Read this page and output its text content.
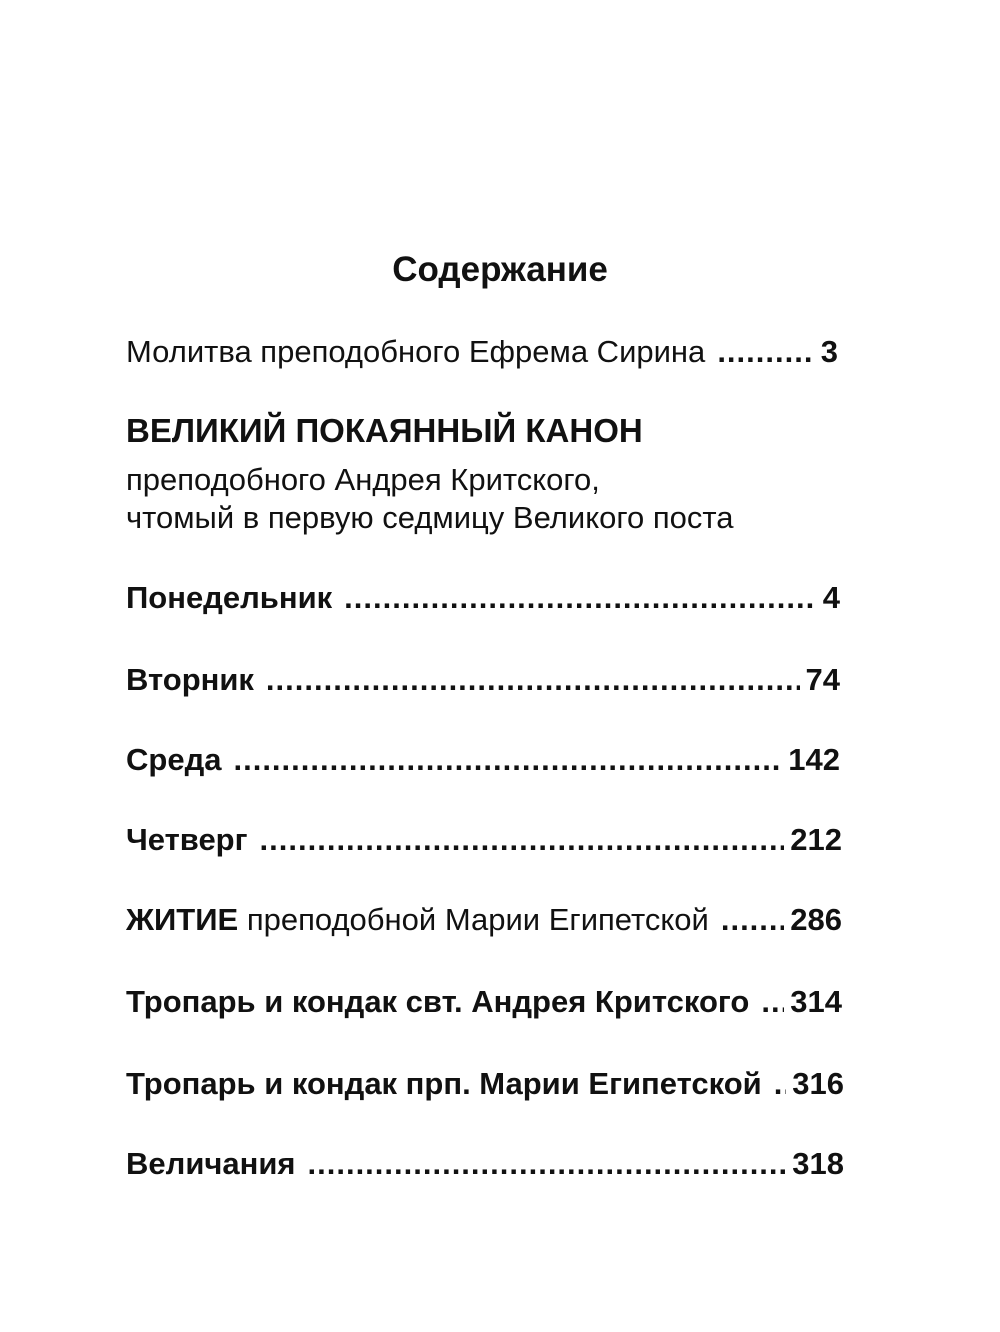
Содержание
Молитва преподобного Ефрема Сирина .....	3
ВЕЛИКИЙ ПОКАЯННЫЙ КАНОН
преподобного Андрея Критского,
чтомый в первую седмицу Великого поста
Понедельник .....	4
Вторник .....	74
Среда .....	142
Четверг .....	212
ЖИТИЕ преподобной Марии Египетской .....	286
Тропарь и кондак свт. Андрея Критского ..... 314
Тропарь и кондак прп. Марии Египетской ..... 316
Величания .....	318
